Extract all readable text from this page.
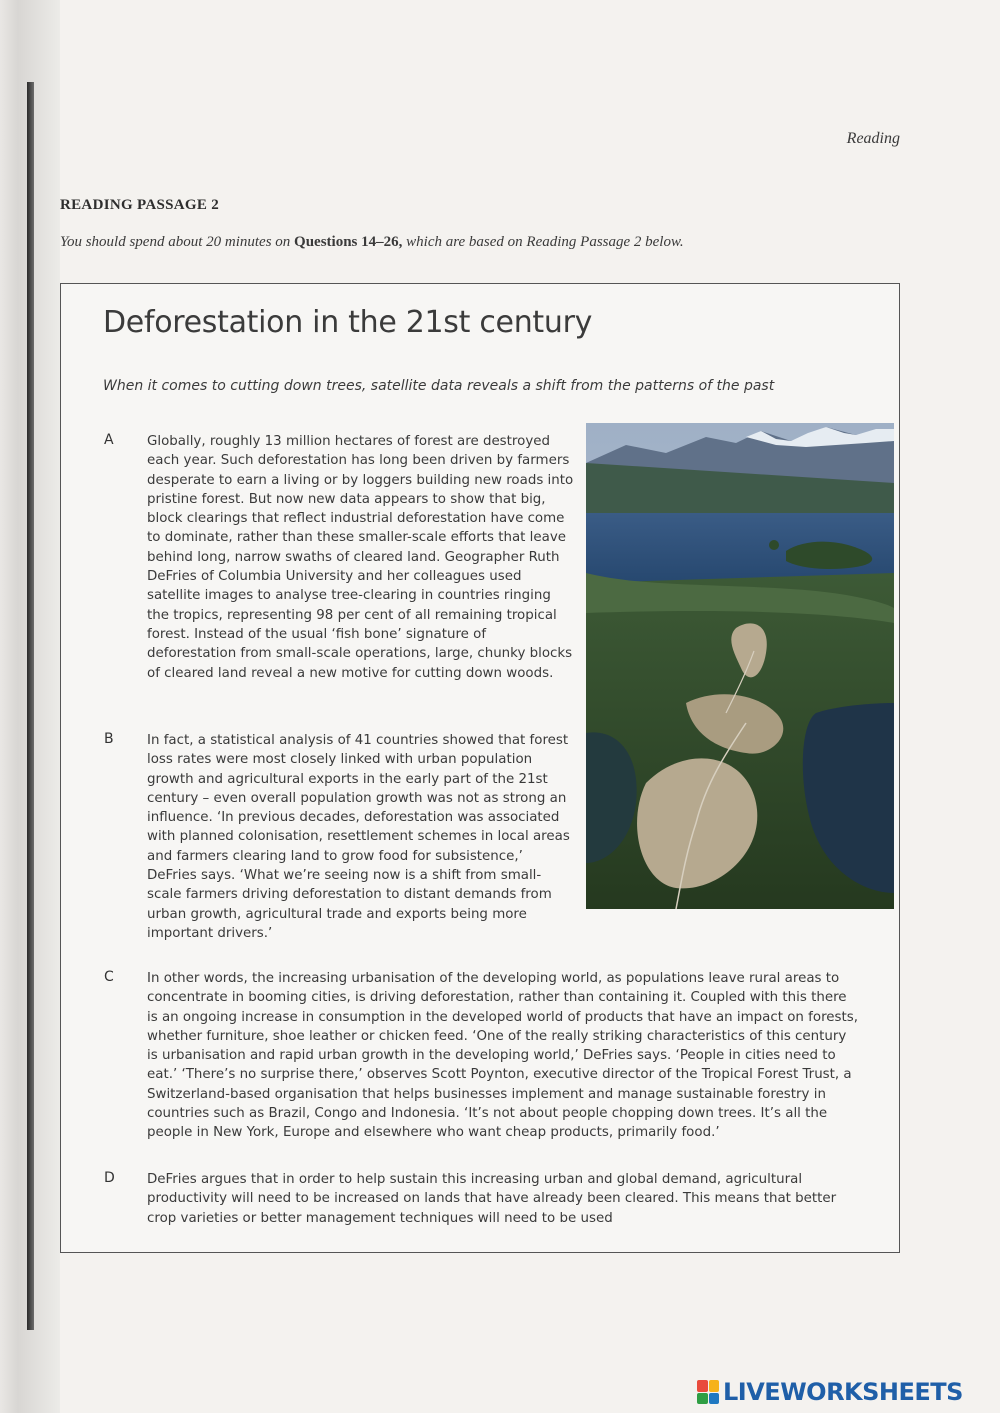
Reading
READING PASSAGE 2
You should spend about 20 minutes on Questions 14–26, which are based on Reading Passage 2 below.
Deforestation in the 21st century
When it comes to cutting down trees, satellite data reveals a shift from the patterns of the past
A Globally, roughly 13 million hectares of forest are destroyed each year. Such deforestation has long been driven by farmers desperate to earn a living or by loggers building new roads into pristine forest. But now new data appears to show that big, block clearings that reflect industrial deforestation have come to dominate, rather than these smaller-scale efforts that leave behind long, narrow swaths of cleared land. Geographer Ruth DeFries of Columbia University and her colleagues used satellite images to analyse tree-clearing in countries ringing the tropics, representing 98 per cent of all remaining tropical forest. Instead of the usual ‘fish bone’ signature of deforestation from small-scale operations, large, chunky blocks of cleared land reveal a new motive for cutting down woods.
B In fact, a statistical analysis of 41 countries showed that forest loss rates were most closely linked with urban population growth and agricultural exports in the early part of the 21st century – even overall population growth was not as strong an influence. ‘In previous decades, deforestation was associated with planned colonisation, resettlement schemes in local areas and farmers clearing land to grow food for subsistence,’ DeFries says. ‘What we’re seeing now is a shift from small-scale farmers driving deforestation to distant demands from urban growth, agricultural trade and exports being more important drivers.’
C In other words, the increasing urbanisation of the developing world, as populations leave rural areas to concentrate in booming cities, is driving deforestation, rather than containing it. Coupled with this there is an ongoing increase in consumption in the developed world of products that have an impact on forests, whether furniture, shoe leather or chicken feed. ‘One of the really striking characteristics of this century is urbanisation and rapid urban growth in the developing world,’ DeFries says. ‘People in cities need to eat.’ ‘There’s no surprise there,’ observes Scott Poynton, executive director of the Tropical Forest Trust, a Switzerland-based organisation that helps businesses implement and manage sustainable forestry in countries such as Brazil, Congo and Indonesia. ‘It’s not about people chopping down trees. It’s all the people in New York, Europe and elsewhere who want cheap products, primarily food.’
D DeFries argues that in order to help sustain this increasing urban and global demand, agricultural productivity will need to be increased on lands that have already been cleared. This means that better crop varieties or better management techniques will need to be used
LIVEWORKSHEETS
